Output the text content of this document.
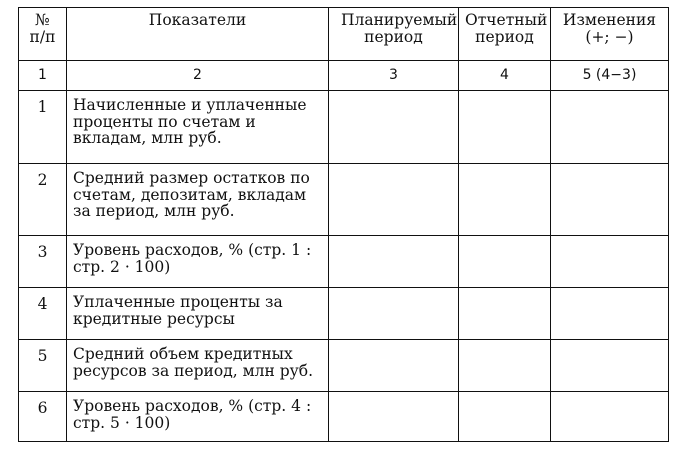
№ п/п	Показатели	Планируемый период	Отчетный период	Изменения (+; −)
1	2	3	4	5 (4−3)
1	Начисленные и уплаченные проценты по счетам и вкладам, млн руб.			
2	Средний размер остатков по счетам, депозитам, вкладам за период, млн руб.			
3	Уровень расходов, % (стр. 1 : стр. 2 · 100)			
4	Уплаченные проценты за кредитные ресурсы			
5	Средний объем кредитных ресурсов за период, млн руб.			
6	Уровень расходов, % (стр. 4 : стр. 5 · 100)			
